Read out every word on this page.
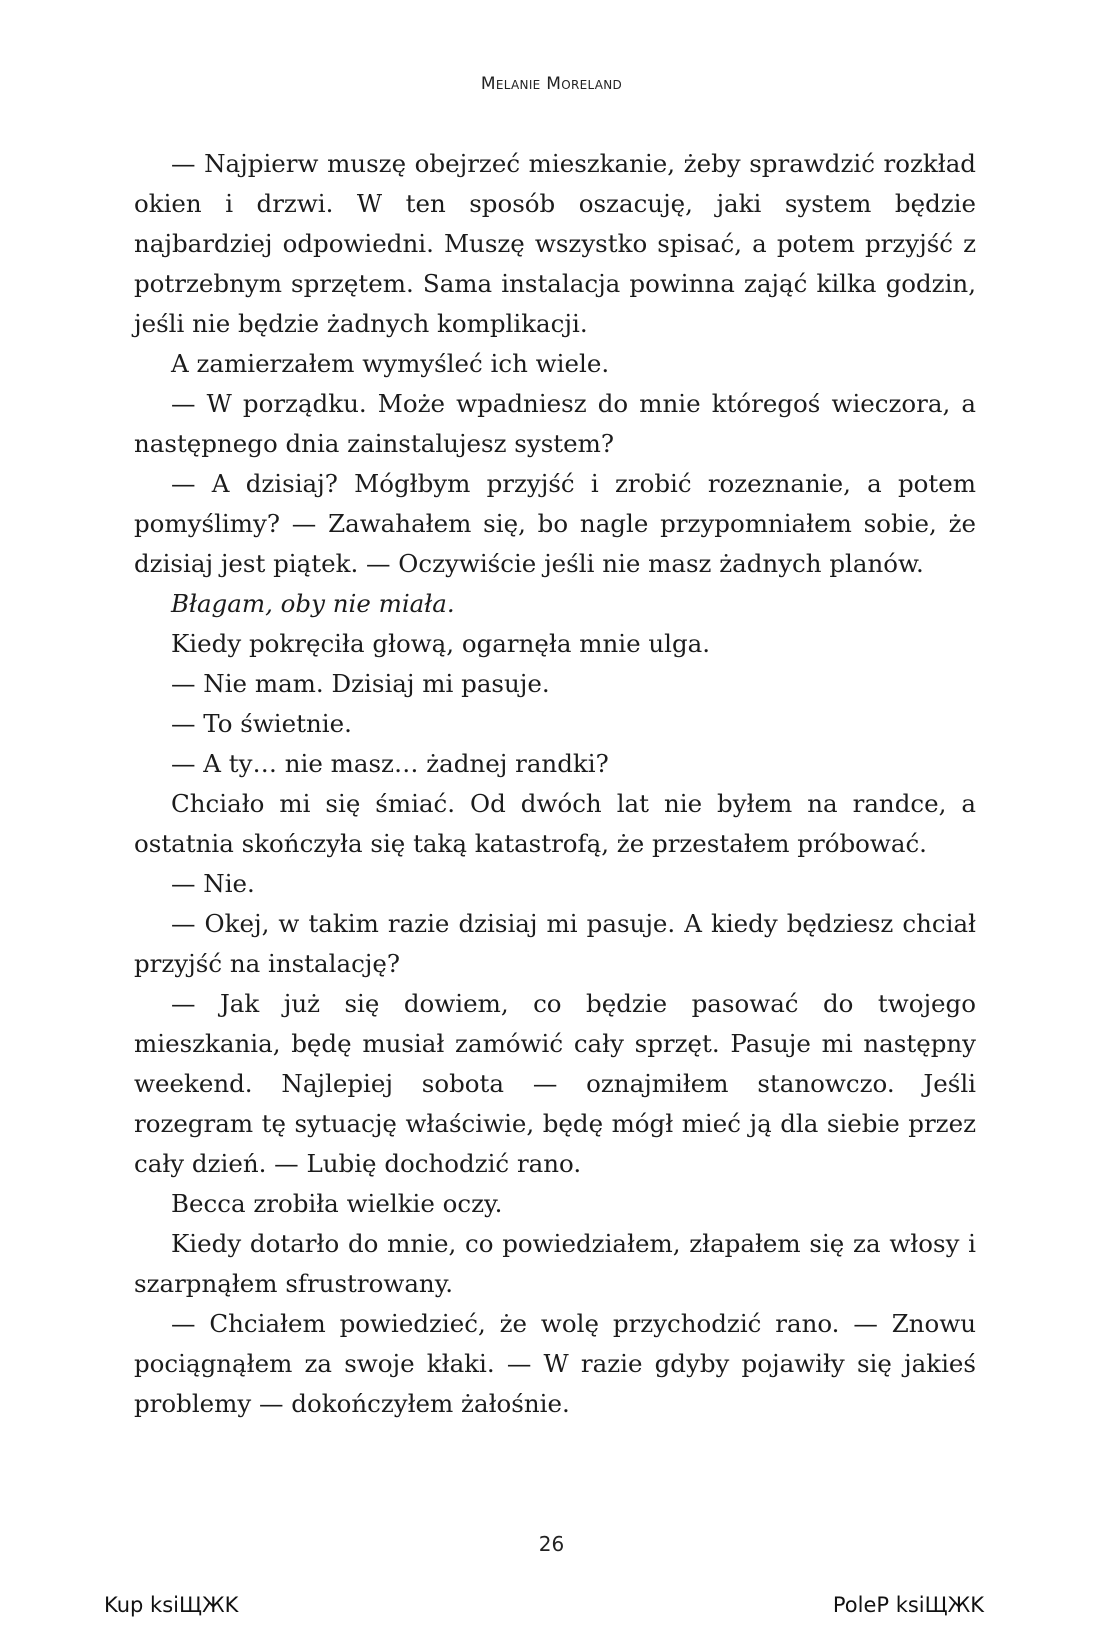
Melanie Moreland

— Najpierw muszę obejrzeć mieszkanie, żeby sprawdzić rozkład okien i drzwi. W ten sposób oszacuję, jaki system będzie najbardziej odpowiedni. Muszę wszystko spisać, a potem przyjść z potrzebnym sprzętem. Sama instalacja powinna zająć kilka godzin, jeśli nie będzie żadnych komplikacji.

A zamierzałem wymyśleć ich wiele.

— W porządku. Może wpadniesz do mnie któregoś wieczora, a następnego dnia zainstalujesz system?

— A dzisiaj? Mógłbym przyjść i zrobić rozeznanie, a potem pomyślimy? — Zawahałem się, bo nagle przypomniałem sobie, że dzisiaj jest piątek. — Oczywiście jeśli nie masz żadnych planów.

Błagam, oby nie miała.

Kiedy pokręciła głową, ogarnęła mnie ulga.

— Nie mam. Dzisiaj mi pasuje.

— To świetnie.

— A ty… nie masz… żadnej randki?

Chciało mi się śmiać. Od dwóch lat nie byłem na randce, a ostatnia skończyła się taką katastrofą, że przestałem próbować.

— Nie.

— Okej, w takim razie dzisiaj mi pasuje. A kiedy będziesz chciał przyjść na instalację?

— Jak już się dowiem, co będzie pasować do twojego mieszkania, będę musiał zamówić cały sprzęt. Pasuje mi następny weekend. Najlepiej sobota — oznajmiłem stanowczo. Jeśli rozegram tę sytuację właściwie, będę mógł mieć ją dla siebie przez cały dzień. — Lubię dochodzić rano.

Becca zrobiła wielkie oczy.

Kiedy dotarło do mnie, co powiedziałem, złapałem się za włosy i szarpnąłem sfrustrowany.

— Chciałem powiedzieć, że wolę przychodzić rano. — Znowu pociągnąłem za swoje kłaki. — W razie gdyby pojawiły się jakieś problemy — dokończyłem żałośnie.

26
Kup ksiЩЖK	PoleP ksiЩЖK
